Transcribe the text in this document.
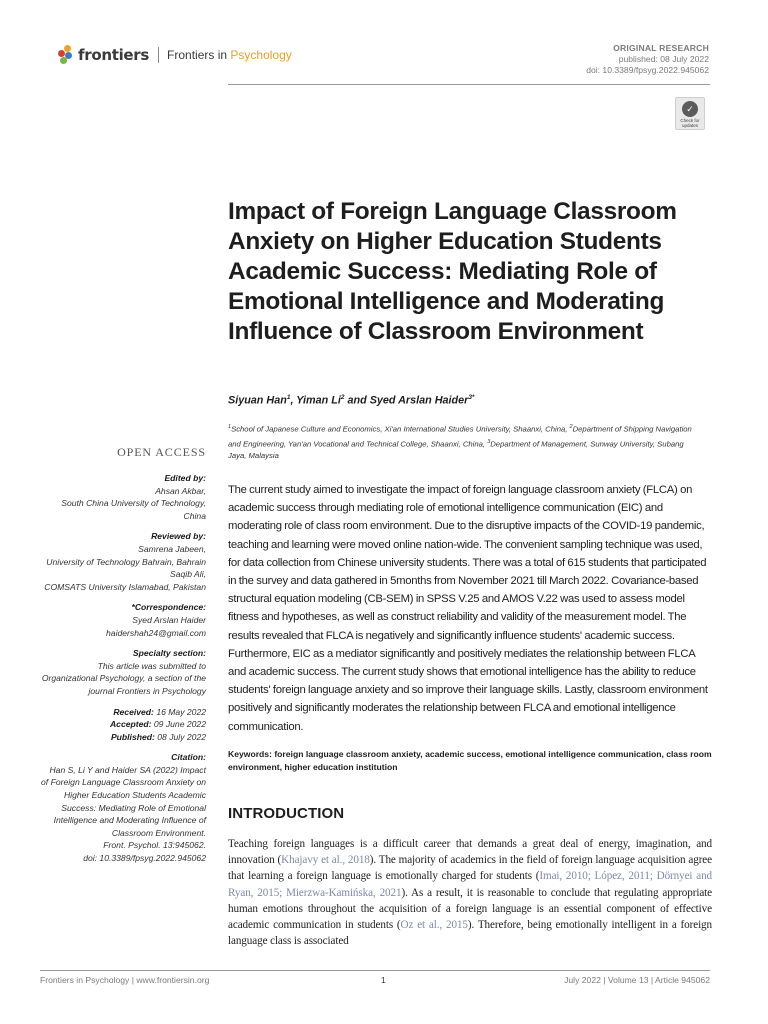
frontiers Frontiers in Psychology	ORIGINAL RESEARCH
published: 08 July 2022
doi: 10.3389/fpsyg.2022.945062
✓
Check for updates
Impact of Foreign Language Classroom Anxiety on Higher Education Students Academic Success: Mediating Role of Emotional Intelligence and Moderating Influence of Classroom Environment
Siyuan Han$^1$, Yiman Li$^2$ and Syed Arslan Haider$^{3*}$
$^1$School of Japanese Culture and Economics, Xi'an International Studies University, Shaanxi, China, $^2$Department of Shipping Navigation and Engineering, Yan'an Vocational and Technical College, Shaanxi, China, $^3$Department of Management, Sunway University, Subang Jaya, Malaysia
OPEN ACCESS
Edited by:
Ahsan Akbar,
South China University of Technology, China
Reviewed by:
Samrena Jabeen,
University of Technology Bahrain, Bahrain
Saqib Ali,
COMSATS University Islamabad, Pakistan
*Correspondence:
Syed Arslan Haider
haidershah24@gmail.com
Specialty section:
This article was submitted to Organizational Psychology, a section of the journal Frontiers in Psychology
Received: 16 May 2022
Accepted: 09 June 2022
Published: 08 July 2022
Citation:
Han S, Li Y and Haider SA (2022) Impact of Foreign Language Classroom Anxiety on Higher Education Students Academic Success: Mediating Role of Emotional Intelligence and Moderating Influence of Classroom Environment.
Front. Psychol. 13:945062.
doi: 10.3389/fpsyg.2022.945062

The current study aimed to investigate the impact of foreign language classroom anxiety (FLCA) on academic success through mediating role of emotional intelligence communication (EIC) and moderating role of class room environment. Due to the disruptive impacts of the COVID-19 pandemic, teaching and learning were moved online nation-wide. The convenient sampling technique was used, for data collection from Chinese university students. There was a total of 615 students that participated in the survey and data gathered in 5months from November 2021 till March 2022. Covariance-based structural equation modeling (CB-SEM) in SPSS V.25 and AMOS V.22 was used to assess model fitness and hypotheses, as well as construct reliability and validity of the measurement model. The results revealed that FLCA is negatively and significantly influence students' academic success. Furthermore, EIC as a mediator significantly and positively mediates the relationship between FLCA and academic success. The current study shows that emotional intelligence has the ability to reduce students' foreign language anxiety and so improve their language skills. Lastly, classroom environment positively and significantly moderates the relationship between FLCA and emotional intelligence communication.

Keywords: foreign language classroom anxiety, academic success, emotional intelligence communication, class room environment, higher education institution

INTRODUCTION

Teaching foreign languages is a difficult career that demands a great deal of energy, imagination, and innovation (Khajavy et al., 2018). The majority of academics in the field of foreign language acquisition agree that learning a foreign language is emotionally charged for students (Imai, 2010; López, 2011; Dörnyei and Ryan, 2015; Mierzwa-Kamińska, 2021). As a result, it is reasonable to conclude that regulating appropriate human emotions throughout the acquisition of a foreign language is an essential component of effective academic communication in students (Oz et al., 2015). Therefore, being emotionally intelligent in a foreign language class is associated

Frontiers in Psychology | www.frontiersin.org	1	July 2022 | Volume 13 | Article 945062
